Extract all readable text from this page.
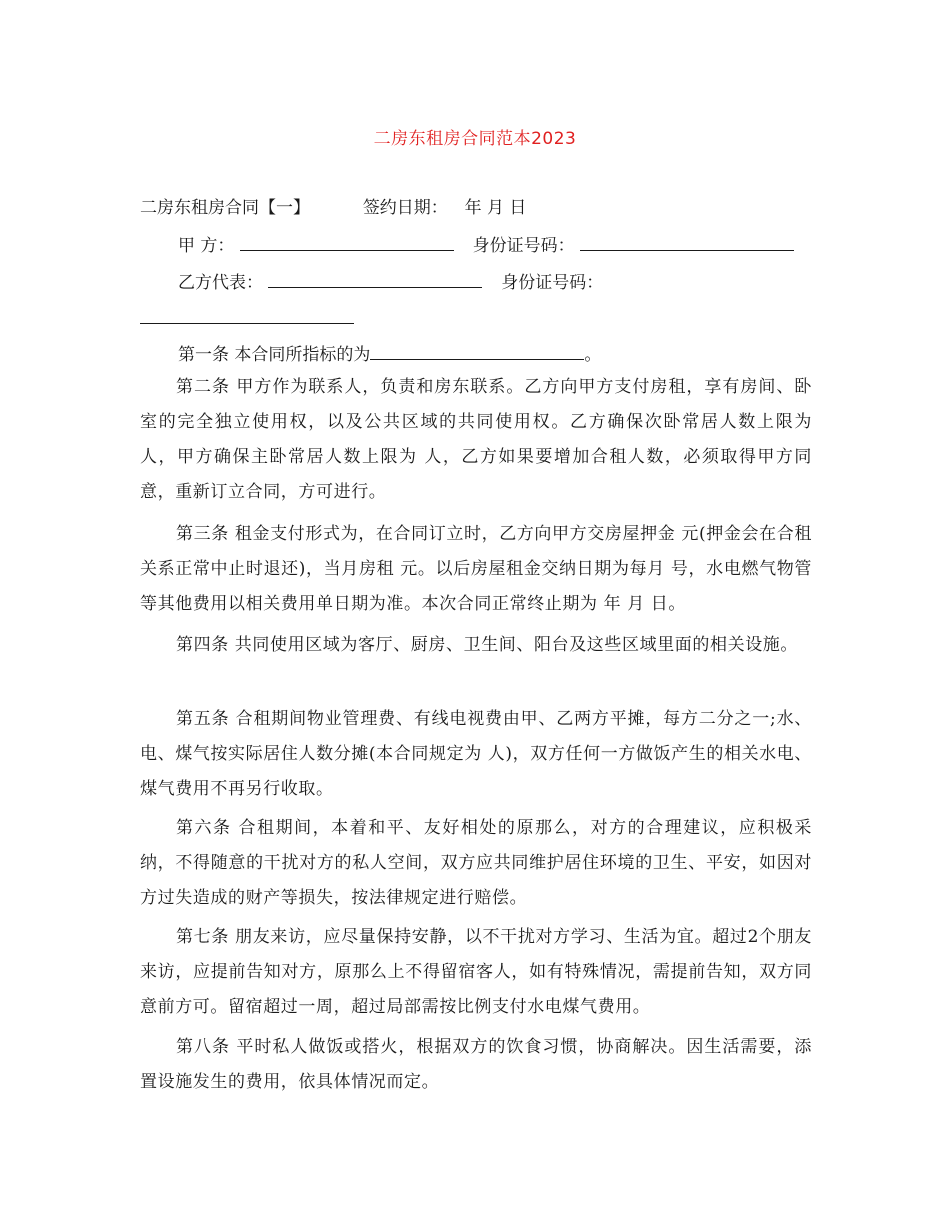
二房东租房合同范本2023
二房东租房合同【一】	签约日期： 年 月 日
甲 方：	身份证号码：
乙方代表：	身份证号码：
第一条 本合同所指标的为	。
第二条 甲方作为联系人，负责和房东联系。乙方向甲方支付房租，享有房间、卧室的完全独立使用权，以及公共区域的共同使用权。乙方确保次卧常居人数上限为 人，甲方确保主卧常居人数上限为 人，乙方如果要增加合租人数，必须取得甲方同意，重新订立合同，方可进行。
第三条 租金支付形式为，在合同订立时，乙方向甲方交房屋押金 元(押金会在合租关系正常中止时退还)，当月房租 元。以后房屋租金交纳日期为每月 号，水电燃气物管等其他费用以相关费用单日期为准。本次合同正常终止期为 年 月 日。
第四条 共同使用区域为客厅、厨房、卫生间、阳台及这些区域里面的相关设施。
第五条 合租期间物业管理费、有线电视费由甲、乙两方平摊，每方二分之一;水、电、煤气按实际居住人数分摊(本合同规定为 人)，双方任何一方做饭产生的相关水电、煤气费用不再另行收取。
第六条 合租期间，本着和平、友好相处的原那么，对方的合理建议，应积极采纳，不得随意的干扰对方的私人空间，双方应共同维护居住环境的卫生、平安，如因对方过失造成的财产等损失，按法律规定进行赔偿。
第七条 朋友来访，应尽量保持安静，以不干扰对方学习、生活为宜。超过2个朋友来访，应提前告知对方，原那么上不得留宿客人，如有特殊情况，需提前告知，双方同意前方可。留宿超过一周，超过局部需按比例支付水电煤气费用。
第八条 平时私人做饭或搭火，根据双方的饮食习惯，协商解决。因生活需要，添置设施发生的费用，依具体情况而定。
